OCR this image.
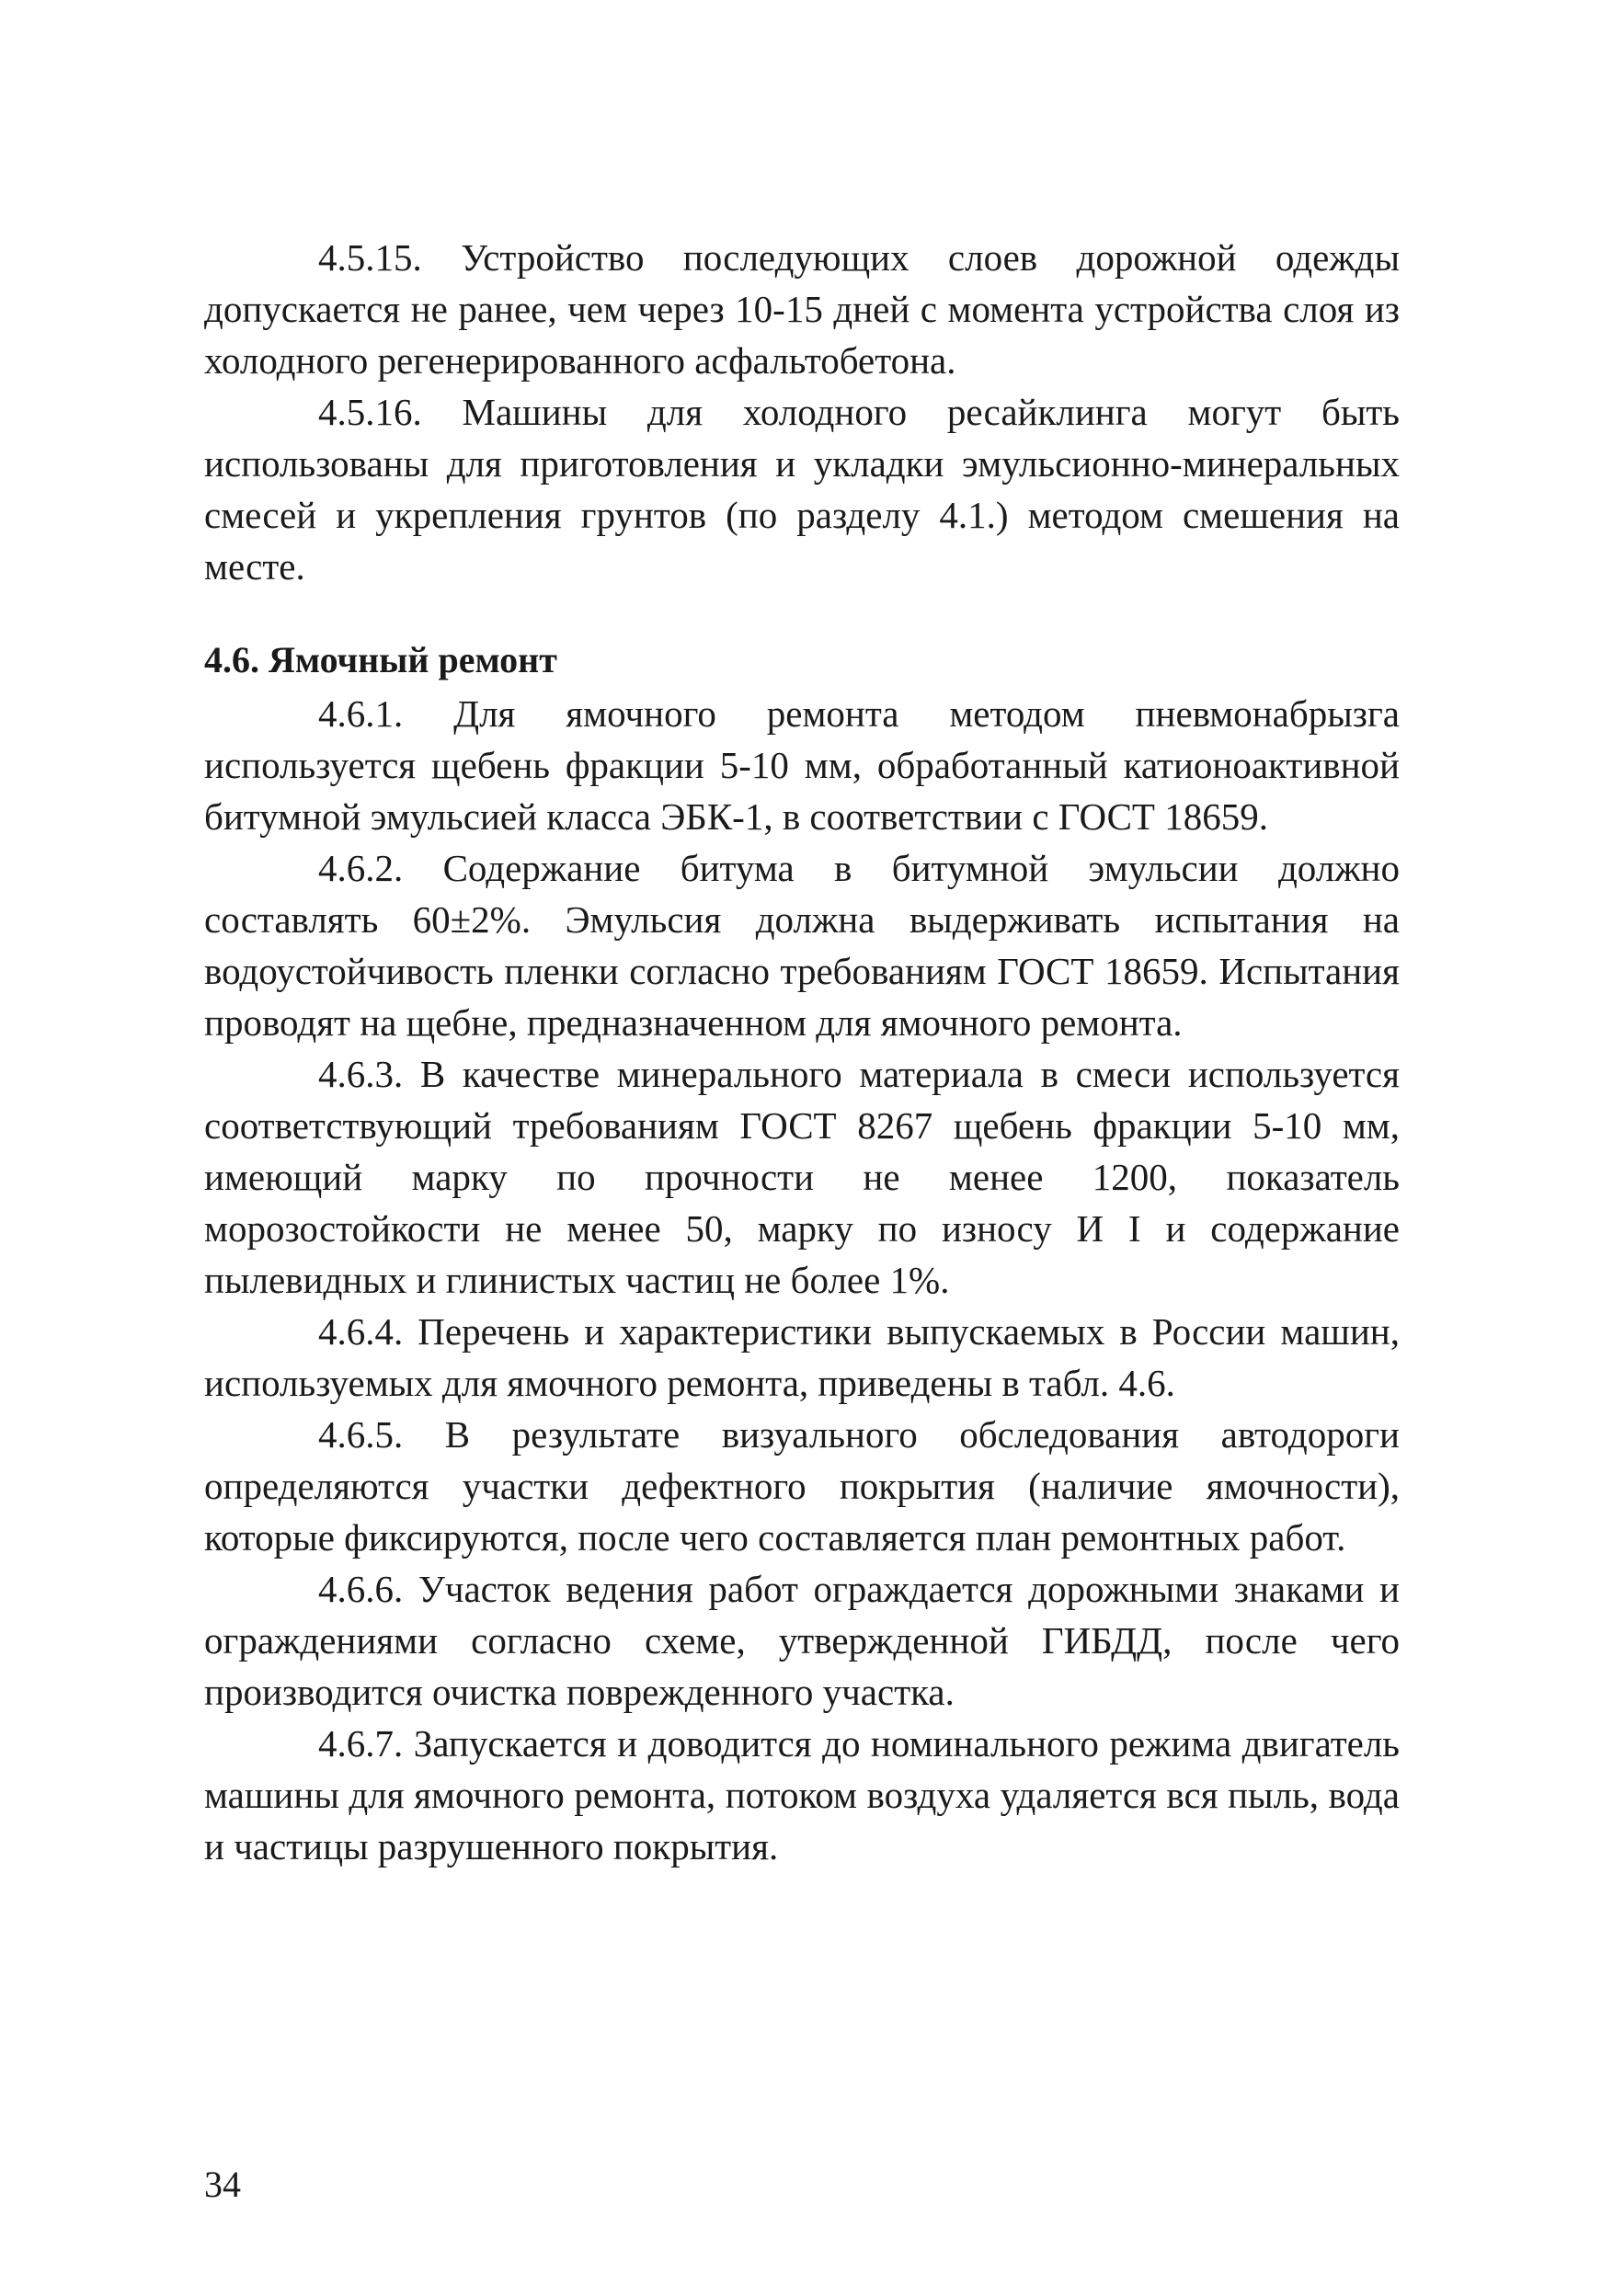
4.5.15. Устройство последующих слоев дорожной одежды допускается не ранее, чем через 10-15 дней с момента устройства слоя из холодного регенерированного асфальтобетона.

4.5.16. Машины для холодного ресайклинга могут быть использованы для приготовления и укладки эмульсионно-минеральных смесей и укрепления грунтов (по разделу 4.1.) методом смешения на месте.

4.6. Ямочный ремонт

4.6.1. Для ямочного ремонта методом пневмонабрызга используется щебень фракции 5-10 мм, обработанный катионоактивной битумной эмульсией класса ЭБК-1, в соответствии с ГОСТ 18659.

4.6.2. Содержание битума в битумной эмульсии должно составлять 60±2%. Эмульсия должна выдерживать испытания на водоустойчивость пленки согласно требованиям ГОСТ 18659. Испытания проводят на щебне, предназначенном для ямочного ремонта.

4.6.3. В качестве минерального материала в смеси используется соответствующий требованиям ГОСТ 8267 щебень фракции 5-10 мм, имеющий марку по прочности не менее 1200, показатель морозостойкости не менее 50, марку по износу И I и содержание пылевидных и глинистых частиц не более 1%.

4.6.4. Перечень и характеристики выпускаемых в России машин, используемых для ямочного ремонта, приведены в табл. 4.6.

4.6.5. В результате визуального обследования автодороги определяются участки дефектного покрытия (наличие ямочности), которые фиксируются, после чего составляется план ремонтных работ.

4.6.6. Участок ведения работ ограждается дорожными знаками и ограждениями согласно схеме, утвержденной ГИБДД, после чего производится очистка поврежденного участка.

4.6.7. Запускается и доводится до номинального режима двигатель машины для ямочного ремонта, потоком воздуха удаляется вся пыль, вода и частицы разрушенного покрытия.

34
